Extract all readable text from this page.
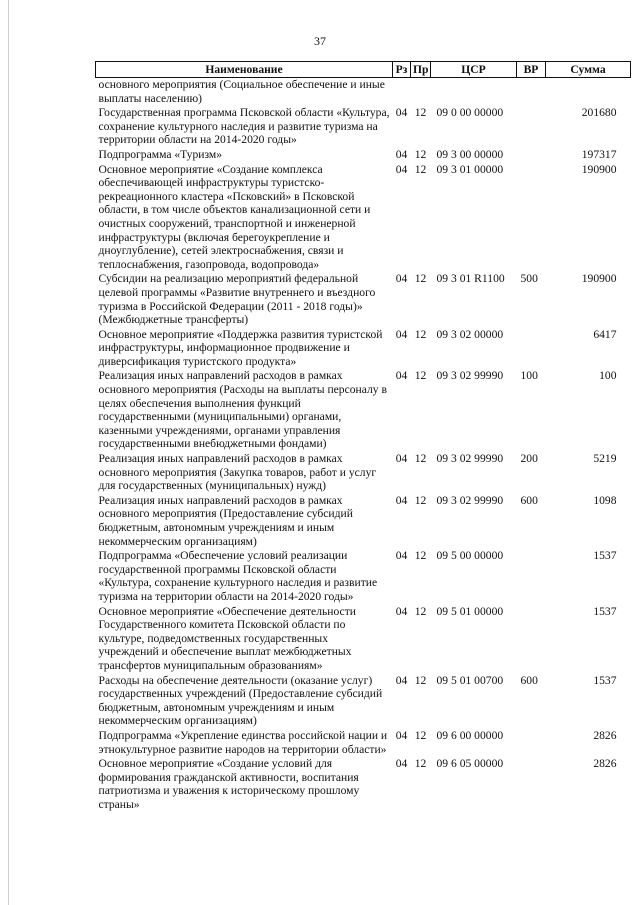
37
Наименование	Рз	Пр	ЦСР	ВР	Сумма
основного мероприятия (Социальное обеспечение и иные выплаты населению)					
Государственная программа Псковской области «Культура, сохранение культурного наследия и развитие туризма на территории области на 2014-2020 годы»	04	12	09 0 00 00000		201680
Подпрограмма «Туризм»	04	12	09 3 00 00000		197317
Основное мероприятие «Создание комплекса обеспечивающей инфраструктуры туристско-рекреационного кластера «Псковский» в Псковской области, в том числе объектов канализационной сети и очистных сооружений, транспортной и инженерной инфраструктуры (включая берегоукрепление и дноуглубление), сетей электроснабжения, связи и теплоснабжения, газопровода, водопровода»	04	12	09 3 01 00000		190900
Субсидии на реализацию мероприятий федеральной целевой программы «Развитие внутреннего и въездного туризма в Российской Федерации (2011 - 2018 годы)» (Межбюджетные трансферты)	04	12	09 3 01 R1100	500	190900
Основное мероприятие «Поддержка развития туристской инфраструктуры, информационное продвижение и диверсификация туристского продукта»	04	12	09 3 02 00000		6417
Реализация иных направлений расходов в рамках основного мероприятия (Расходы на выплаты персоналу в целях обеспечения выполнения функций государственными (муниципальными) органами, казенными учреждениями, органами управления государственными внебюджетными фондами)	04	12	09 3 02 99990	100	100
Реализация иных направлений расходов в рамках основного мероприятия (Закупка товаров, работ и услуг для государственных (муниципальных) нужд)	04	12	09 3 02 99990	200	5219
Реализация иных направлений расходов в рамках основного мероприятия (Предоставление субсидий бюджетным, автономным учреждениям и иным некоммерческим организациям)	04	12	09 3 02 99990	600	1098
Подпрограмма «Обеспечение условий реализации государственной программы Псковской области «Культура, сохранение культурного наследия и развитие туризма на территории области на 2014-2020 годы»	04	12	09 5 00 00000		1537
Основное мероприятие «Обеспечение деятельности Государственного комитета Псковской области по культуре, подведомственных государственных учреждений и обеспечение выплат межбюджетных трансфертов муниципальным образованиям»	04	12	09 5 01 00000		1537
Расходы на обеспечение деятельности (оказание услуг) государственных учреждений (Предоставление субсидий бюджетным, автономным учреждениям и иным некоммерческим организациям)	04	12	09 5 01 00700	600	1537
Подпрограмма «Укрепление единства российской нации и этнокультурное развитие народов на территории области»	04	12	09 6 00 00000		2826
Основное мероприятие «Создание условий для формирования гражданской активности, воспитания патриотизма и уважения к историческому прошлому страны»	04	12	09 6 05 00000		2826
